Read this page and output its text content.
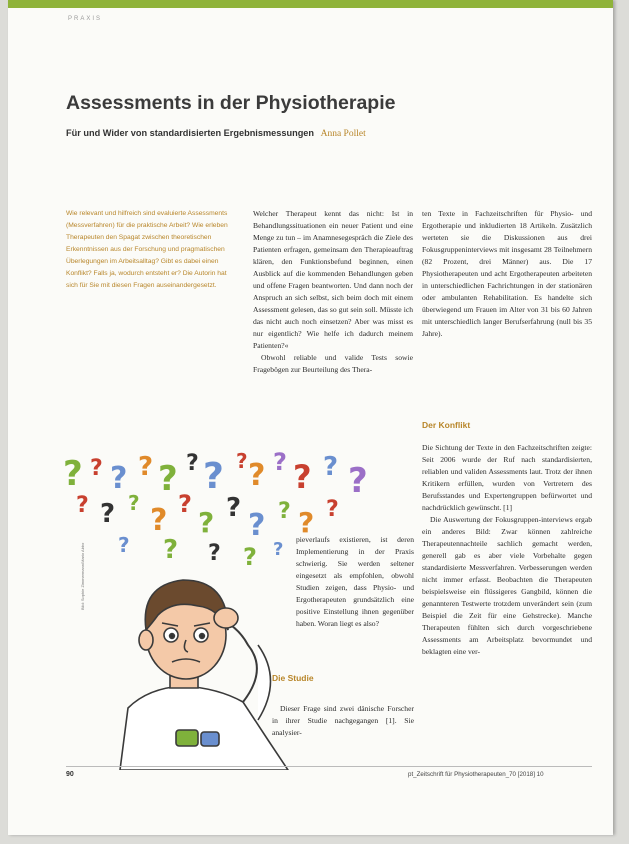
PRAXIS
Assessments in der Physiotherapie

Für und Wider von standardisierten Ergebnismessungen Anna Pollet

Wie relevant und hilfreich sind evaluierte Assessments (Messverfahren) für die praktische Arbeit? Wie erleben Therapeuten den Spagat zwischen theoretischen Erkenntnissen aus der Forschung und pragmatischen Überlegungen im Arbeitsalltag? Gibt es dabei einen Konflikt? Falls ja, wodurch entsteht er? Die Autorin hat sich für Sie mit diesen Fragen auseinandergesetzt.

Welcher Therapeut kennt das nicht: Ist in Behandlungssituationen ein neuer Patient und eine Menge zu tun – im Anamnesegespräch die Ziele des Patienten erfragen, gemeinsam den Therapieauftrag klären, den Funktionsbefund beginnen, einen Ausblick auf die kommenden Behandlungen geben und offene Fragen beantworten. Und dann noch der Anspruch an sich selbst, sich beim doch mit einem Assessment gelesen, das so gut sein soll. Müsste ich das nicht auch noch einsetzen? Aber was misst es nur eigentlich? Wie helfe ich dadurch meinem Patienten?«

Obwohl reliable und valide Tests sowie Fragebögen zur Beurteilung des Thera-

ten Texte in Fachzeitschriften für Physio- und Ergotherapie und inkludierten 18 Artikeln. Zusätzlich werteten sie die Diskussionen aus drei Fokusgruppeninterviews mit insgesamt 28 Teilnehmern (82 Prozent, drei Männer) aus. Die 17 Physiotherapeuten und acht Ergotherapeuten arbeiteten in unterschiedlichen Fachrichtungen in der stationären oder ambulanten Rehabilitation. Es handelte sich überwiegend um Frauen im Alter von 31 bis 60 Jahren mit unterschiedlich langer Berufserfahrung (null bis 35 Jahre).

Der Konflikt

Die Sichtung der Texte in den Fachzeitschriften zeigte: Seit 2006 wurde der Ruf nach standardisierten, reliablen und validen Assessments laut. Trotz der ihnen Kritikern erfüllen, wurden von Vertretern des Berufsstandes und Expertengruppen befürwortet und nachdrücklich gewünscht. [1]

Die Auswertung der Fokusgruppen-interviews ergab ein anderes Bild: Zwar können zahlreiche Therapeutennachteile sachlich gemacht werden, generell gab es aber viele Vorbehalte gegen standardisierte Messverfahren. Verbesserungen werden nicht immer erfasst. Beobachten die Therapeuten beispielsweise ein flüssigeres Gangbild, können die genannteren Testwerte trotzdem unverändert sein (zum Beispiel die Zeit für eine Gehstrecke). Manche Therapeuten fühlten sich durch vorgeschriebene Assessments am Arbeitsplatz bevormundet und beklagten eine ver-

pieverlaufs existieren, ist deren Implementierung in der Praxis schwierig. Sie werden seltener eingesetzt als empfohlen, obwohl Studien zeigen, dass Physio- und Ergotherapeuten grundsätzlich eine positive Einstellung ihnen gegenüber haben. Woran liegt es also?

Die Studie

Dieser Frage sind zwei dänische Forscher in ihrer Studie nachgegangen [1]. Sie analysier-

? ? ? ? ? ? ? ? ? ? ? ? ?
? ? ? ? ?
? ? ? ? ? ?
? ? ? ? ?
Bild: Sophie Zimmermann/Mario Abbo
90	pt_Zeitschrift für Physiotherapeuten_70 [2018] 10
